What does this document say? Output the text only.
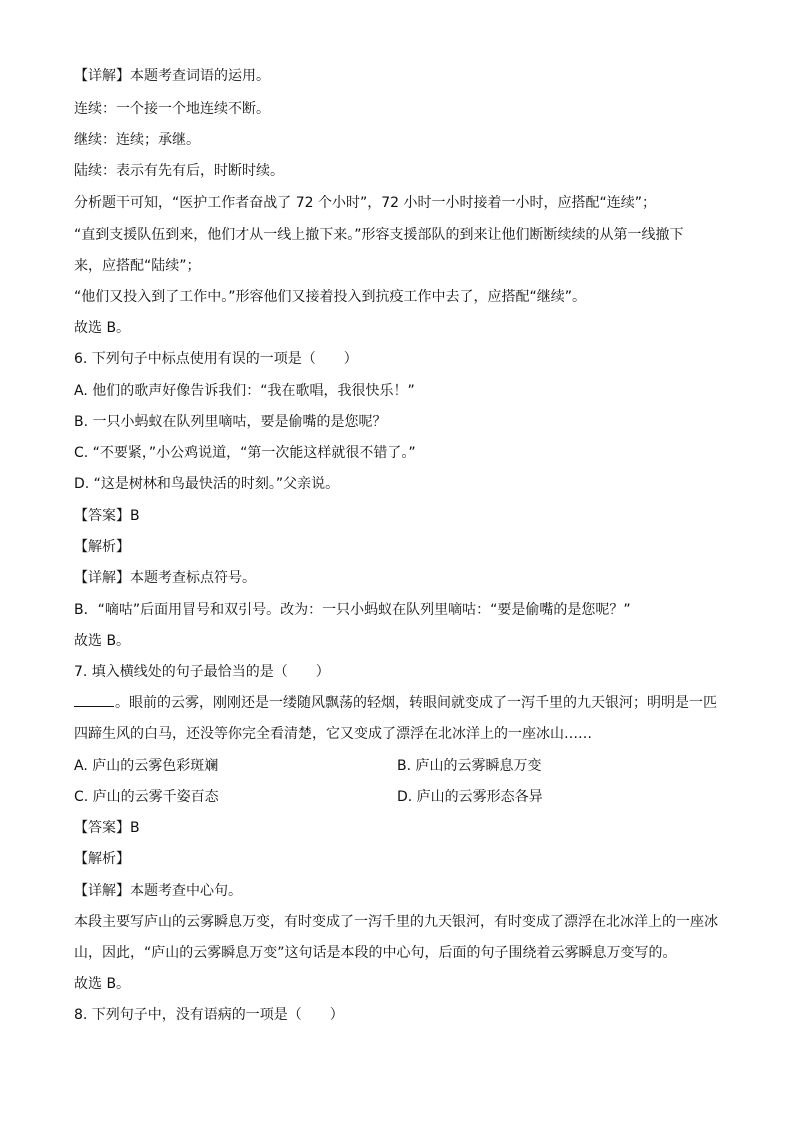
【详解】本题考查词语的运用。
连续：一个接一个地连续不断。
继续：连续；承继。
陆续：表示有先有后，时断时续。
分析题干可知，“医护工作者奋战了 72 个小时”，72 小时一小时接着一小时，应搭配“连续”；
“直到支援队伍到来，他们才从一线上撤下来。”形容支援部队的到来让他们断断续续的从第一线撤下
来，应搭配“陆续”；
“他们又投入到了工作中。”形容他们又接着投入到抗疫工作中去了，应搭配“继续”。
故选 B。
6. 下列句子中标点使用有误的一项是（　　）
A. 他们的歌声好像告诉我们：“我在歌唱，我很快乐！”
B. 一只小蚂蚁在队列里嘀咕，要是偷嘴的是您呢？
C. “不要紧，”小公鸡说道，“第一次能这样就很不错了。”
D. “这是树林和鸟最快活的时刻。”父亲说。
【答案】B
【解析】
【详解】本题考查标点符号。
B．“嘀咕”后面用冒号和双引号。改为：一只小蚂蚁在队列里嘀咕：“要是偷嘴的是您呢？”
故选 B。
7. 填入横线处的句子最恰当的是（　　）
。眼前的云雾，刚刚还是一缕随风飘荡的轻烟，转眼间就变成了一泻千里的九天银河；明明是一匹
四蹄生风的白马，还没等你完全看清楚，它又变成了漂浮在北冰洋上的一座冰山……
A. 庐山的云雾色彩斑斓	B. 庐山的云雾瞬息万变
C. 庐山的云雾千姿百态	D. 庐山的云雾形态各异
【答案】B
【解析】
【详解】本题考查中心句。
本段主要写庐山的云雾瞬息万变，有时变成了一泻千里的九天银河，有时变成了漂浮在北冰洋上的一座冰
山，因此，“庐山的云雾瞬息万变”这句话是本段的中心句，后面的句子围绕着云雾瞬息万变写的。
故选 B。
8. 下列句子中，没有语病的一项是（　　）
